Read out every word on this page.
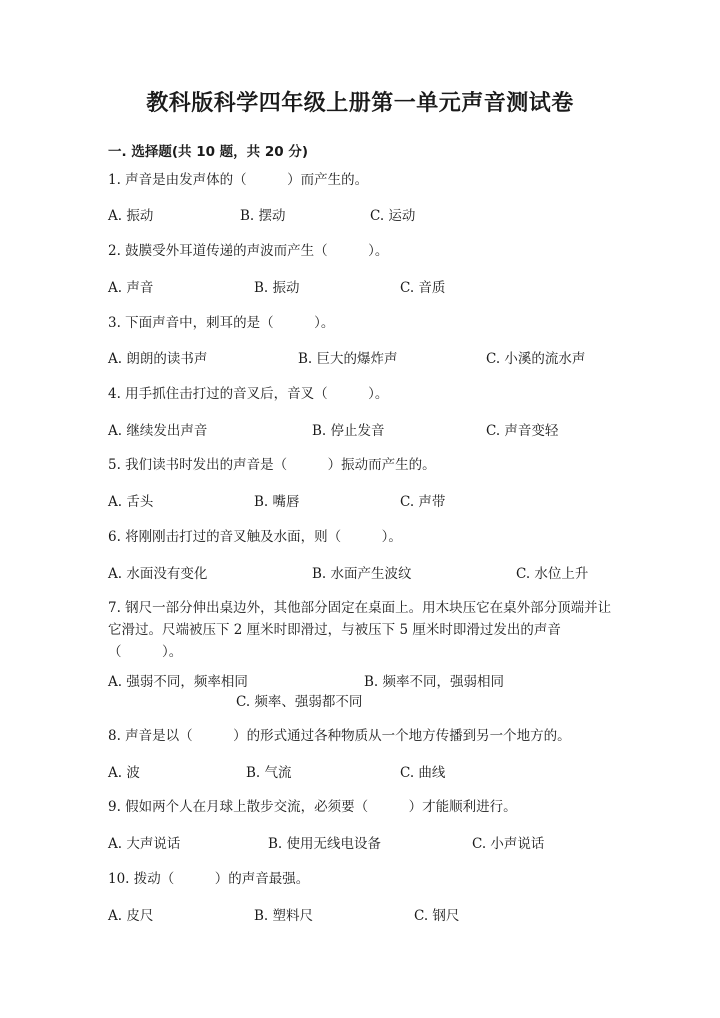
教科版科学四年级上册第一单元声音测试卷
一. 选择题(共 10 题，共 20 分)
1. 声音是由发声体的（　　　）而产生的。
A. 振动	B. 摆动	C. 运动
2. 鼓膜受外耳道传递的声波而产生（　　　）。
A. 声音	B. 振动	C. 音质
3. 下面声音中，刺耳的是（　　　）。
A. 朗朗的读书声	B. 巨大的爆炸声	C. 小溪的流水声
4. 用手抓住击打过的音叉后，音叉（　　　）。
A. 继续发出声音	B. 停止发音	C. 声音变轻
5. 我们读书时发出的声音是（　　　）振动而产生的。
A. 舌头	B. 嘴唇	C. 声带
6. 将刚刚击打过的音叉触及水面，则（　　　）。
A. 水面没有变化	B. 水面产生波纹	C. 水位上升
7. 钢尺一部分伸出桌边外，其他部分固定在桌面上。用木块压它在桌外部分顶端并让它滑过。尺端被压下 2 厘米时即滑过，与被压下 5 厘米时即滑过发出的声音（　　　）。
A. 强弱不同，频率相同	B. 频率不同，强弱相同
C. 频率、强弱都不同
8. 声音是以（　　　）的形式通过各种物质从一个地方传播到另一个地方的。
A. 波	B. 气流	C. 曲线
9. 假如两个人在月球上散步交流，必须要（　　　）才能顺利进行。
A. 大声说话	B. 使用无线电设备	C. 小声说话
10. 拨动（　　　）的声音最强。
A. 皮尺	B. 塑料尺	C. 钢尺
